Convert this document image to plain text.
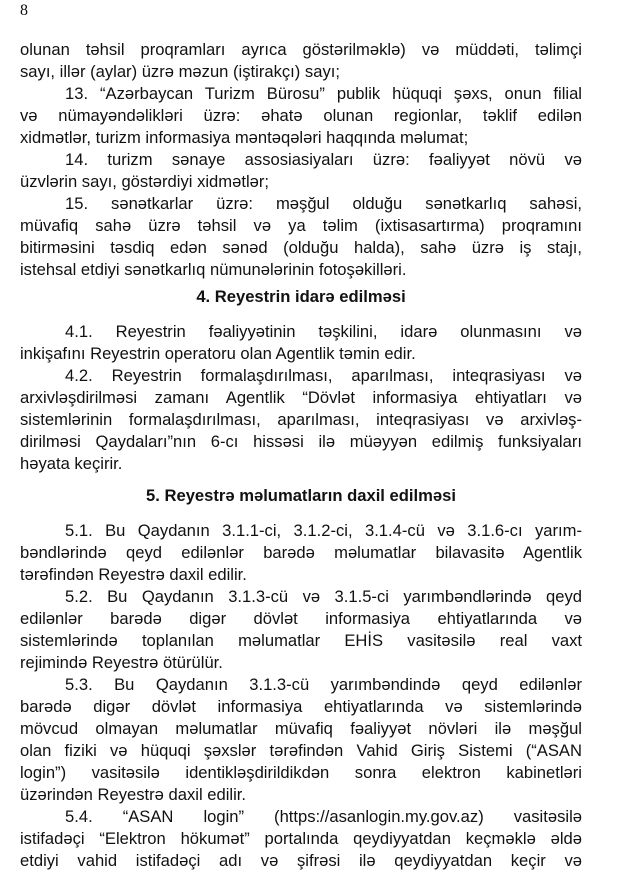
8
olunan təhsil proqramları ayrıca göstərilməklə) və müddəti, təlimçi
sayı, illər (aylar) üzrə məzun (iştirakçı) sayı;
13. “Azərbaycan Turizm Bürosu” publik hüquqi şəxs, onun filial
və nümayəndəlikləri üzrə: əhatə olunan regionlar, təklif edilən
xidmətlər, turizm informasiya məntəqələri haqqında məlumat;
14. turizm sənaye assosiasiyaları üzrə: fəaliyyət növü və
üzvlərin sayı, göstərdiyi xidmətlər;
15. sənətkarlar üzrə: məşğul olduğu sənətkarlıq sahəsi,
müvafiq sahə üzrə təhsil və ya təlim (ixtisasartırma) proqramını
bitirməsini təsdiq edən sənəd (olduğu halda), sahə üzrə iş stajı,
istehsal etdiyi sənətkarlıq nümunələrinin fotoşəkilləri.
4. Reyestrin idarə edilməsi
4.1. Reyestrin fəaliyyətinin təşkilini, idarə olunmasını və
inkişafını Reyestrin operatoru olan Agentlik təmin edir.
4.2. Reyestrin formalaşdırılması, aparılması, inteqrasiyası və
arxivləşdirilməsi zamanı Agentlik “Dövlət informasiya ehtiyatları və
sistemlərinin formalaşdırılması, aparılması, inteqrasiyası və arxivləş-
dirilməsi Qaydaları”nın 6-cı hissəsi ilə müəyyən edilmiş funksiyaları
həyata keçirir.
5. Reyestrə məlumatların daxil edilməsi
5.1. Bu Qaydanın 3.1.1-ci, 3.1.2-ci, 3.1.4-cü və 3.1.6-cı yarım-
bəndlərində qeyd edilənlər barədə məlumatlar bilavasitə Agentlik
tərəfindən Reyestrə daxil edilir.
5.2. Bu Qaydanın 3.1.3-cü və 3.1.5-ci yarımbəndlərində qeyd
edilənlər barədə digər dövlət informasiya ehtiyatlarında və
sistemlərində toplanılan məlumatlar EHİS vasitəsilə real vaxt
rejimində Reyestrə ötürülür.
5.3. Bu Qaydanın 3.1.3-cü yarımbəndində qeyd edilənlər
barədə digər dövlət informasiya ehtiyatlarında və sistemlərində
mövcud olmayan məlumatlar müvafiq fəaliyyət növləri ilə məşğul
olan fiziki və hüquqi şəxslər tərəfindən Vahid Giriş Sistemi (“ASAN
login”) vasitəsilə identikləşdirildikdən sonra elektron kabinetləri
üzərindən Reyestrə daxil edilir.
5.4. “ASAN login” (https://asanlogin.my.gov.az) vasitəsilə
istifadəçi “Elektron hökumət” portalında qeydiyyatdan keçməklə əldə
etdiyi vahid istifadəçi adı və şifrəsi ilə qeydiyyatdan keçir və
